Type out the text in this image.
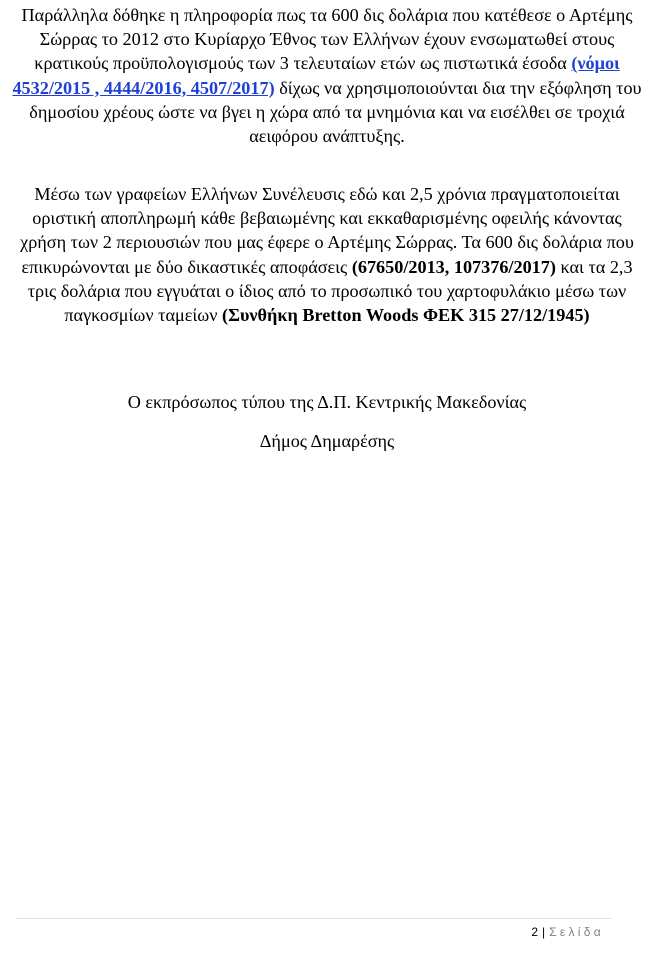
Παράλληλα δόθηκε η πληροφορία πως τα 600 δις δολάρια που κατέθεσε ο Αρτέμης Σώρρας το 2012 στο Κυρίαρχο Έθνος των Ελλήνων έχουν ενσωματωθεί στους κρατικούς προϋπολογισμούς των 3 τελευταίων ετών ως πιστωτικά έσοδα (νόμοι 4532/2015 , 4444/2016, 4507/2017) δίχως να χρησιμοποιούνται δια την εξόφληση του δημοσίου χρέους ώστε να βγει η χώρα από τα μνημόνια και να εισέλθει σε τροχιά αειφόρου ανάπτυξης.

Μέσω των γραφείων Ελλήνων Συνέλευσις εδώ και 2,5 χρόνια πραγματοποιείται οριστική αποπληρωμή κάθε βεβαιωμένης και εκκαθαρισμένης οφειλής κάνοντας χρήση των 2 περιουσιών που μας έφερε ο Αρτέμης Σώρρας. Τα 600 δις δολάρια που επικυρώνονται με δύο δικαστικές αποφάσεις (67650/2013, 107376/2017) και τα 2,3 τρις δολάρια που εγγυάται ο ίδιος από το προσωπικό του χαρτοφυλάκιο μέσω των παγκοσμίων ταμείων (Συνθήκη Bretton Woods ΦΕΚ 315 27/12/1945)

Ο εκπρόσωπος τύπου της Δ.Π. Κεντρικής Μακεδονίας

Δήμος Δημαρέσης

2 | Σελίδα
